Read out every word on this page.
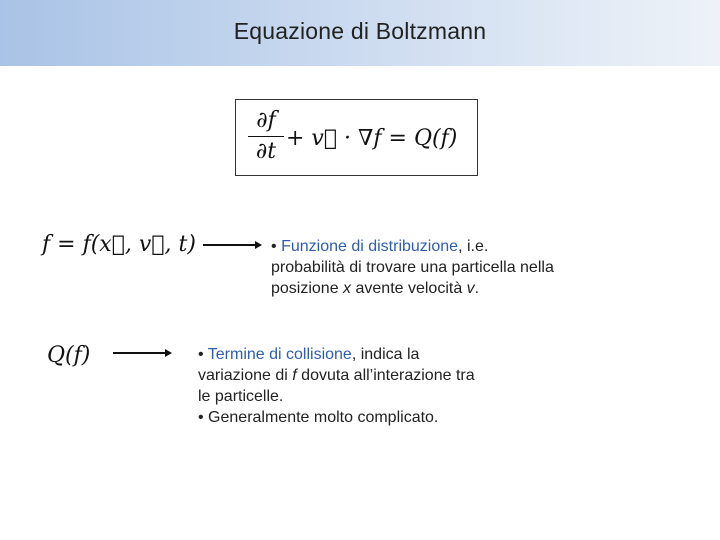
Equazione di Boltzmann
∂f
∂t
+ v⃗ · ∇f = Q(f)
f = f(x⃗, v⃗, t)	• Funzione di distribuzione, i.e.
probabilità di trovare una particella nella
posizione x avente velocità v.
Q(f)	• Termine di collisione, indica la
variazione di f dovuta all’interazione tra
le particelle.
• Generalmente molto complicato.
